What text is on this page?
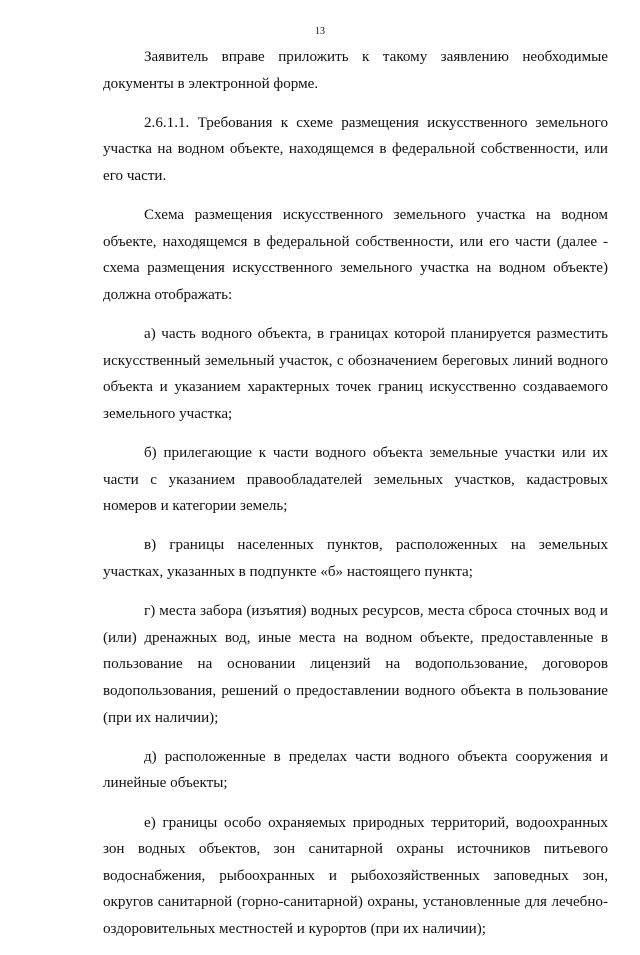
13

Заявитель вправе приложить к такому заявлению необходимые документы в электронной форме.

2.6.1.1. Требования к схеме размещения искусственного земельного участка на водном объекте, находящемся в федеральной собственности, или его части.

Схема размещения искусственного земельного участка на водном объекте, находящемся в федеральной собственности, или его части (далее - схема размещения искусственного земельного участка на водном объекте) должна отображать:

а) часть водного объекта, в границах которой планируется разместить искусственный земельный участок, с обозначением береговых линий водного объекта и указанием характерных точек границ искусственно создаваемого земельного участка;

б) прилегающие к части водного объекта земельные участки или их части с указанием правообладателей земельных участков, кадастровых номеров и категории земель;

в) границы населенных пунктов, расположенных на земельных участках, указанных в подпункте «б» настоящего пункта;

г) места забора (изъятия) водных ресурсов, места сброса сточных вод и (или) дренажных вод, иные места на водном объекте, предоставленные в пользование на основании лицензий на водопользование, договоров водопользования, решений о предоставлении водного объекта в пользование (при их наличии);

д) расположенные в пределах части водного объекта сооружения и линейные объекты;

е) границы особо охраняемых природных территорий, водоохранных зон водных объектов, зон санитарной охраны источников питьевого водоснабжения, рыбоохранных и рыбохозяйственных заповедных зон, округов санитарной (горно-санитарной) охраны, установленные для лечебно-оздоровительных местностей и курортов (при их наличии);
